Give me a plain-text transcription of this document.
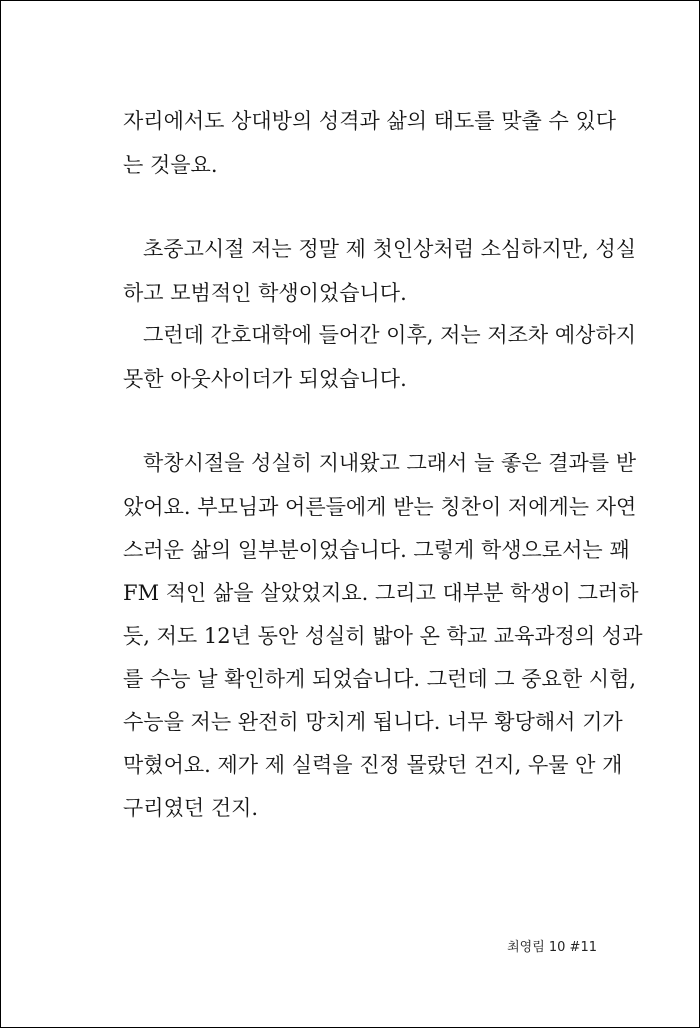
자리에서도 상대방의 성격과 삶의 태도를 맞출 수 있다

는 것을요.

초중고시절 저는 정말 제 첫인상처럼 소심하지만, 성실

하고 모범적인 학생이었습니다.

그런데 간호대학에 들어간 이후, 저는 저조차 예상하지

못한 아웃사이더가 되었습니다.

학창시절을 성실히 지내왔고 그래서 늘 좋은 결과를 받

았어요. 부모님과 어른들에게 받는 칭찬이 저에게는 자연

스러운 삶의 일부분이었습니다. 그렇게 학생으로서는 꽤

FM 적인 삶을 살았었지요. 그리고 대부분 학생이 그러하

듯, 저도 12년 동안 성실히 밟아 온 학교 교육과정의 성과

를 수능 날 확인하게 되었습니다. 그런데 그 중요한 시험,

수능을 저는 완전히 망치게 됩니다. 너무 황당해서 기가

막혔어요. 제가 제 실력을 진정 몰랐던 건지, 우물 안 개

구리였던 건지.

최영림 10 #11
